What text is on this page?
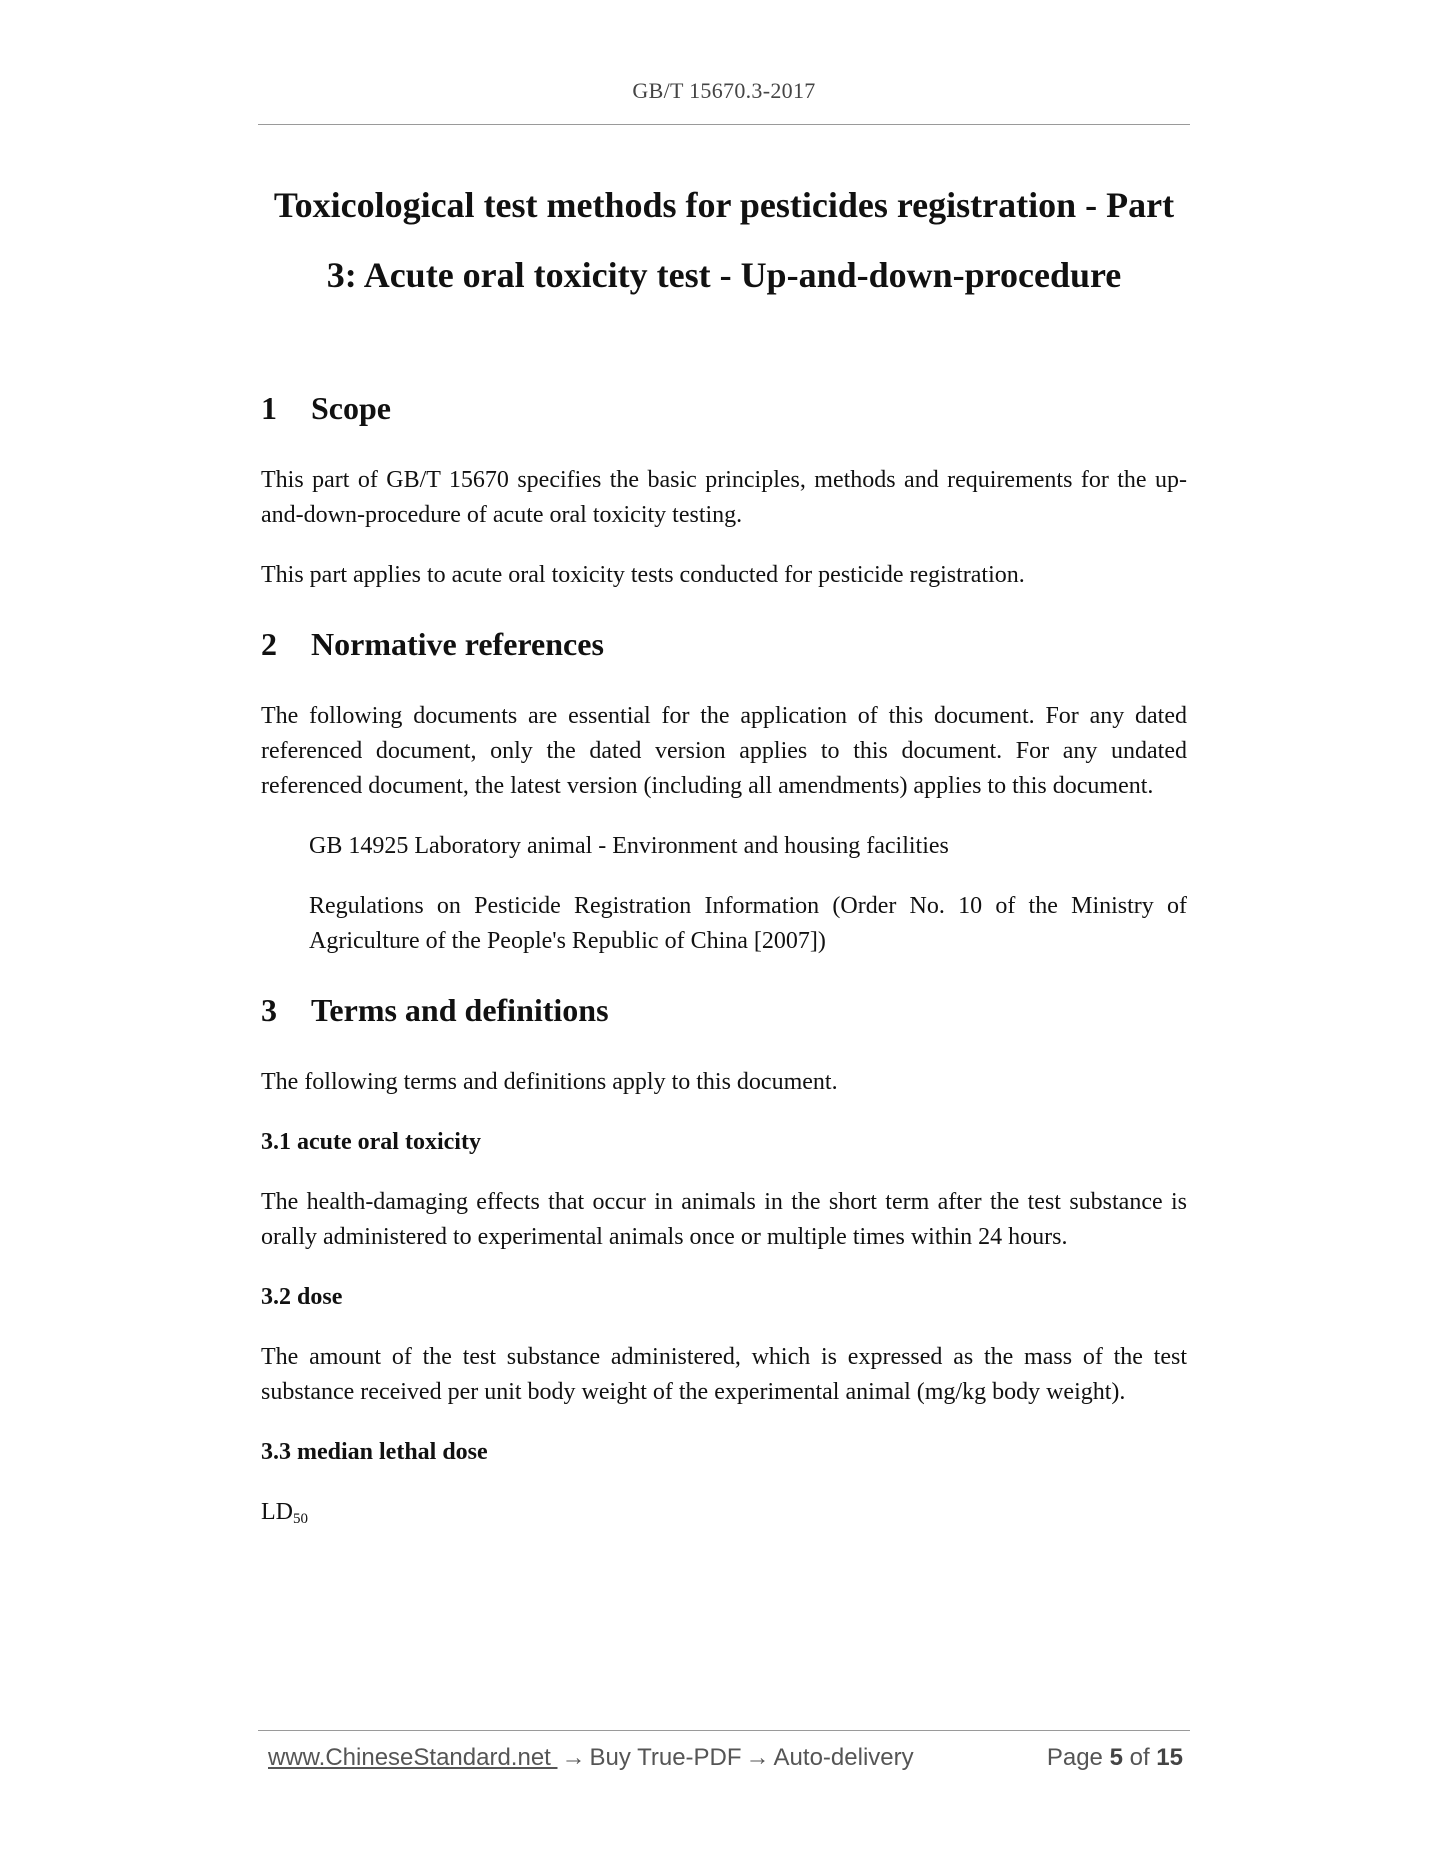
GB/T 15670.3-2017
Toxicological test methods for pesticides registration - Part
3: Acute oral toxicity test - Up-and-down-procedure
1	Scope

This part of GB/T 15670 specifies the basic principles, methods and requirements for the up-and-down-procedure of acute oral toxicity testing.

This part applies to acute oral toxicity tests conducted for pesticide registration.

2	Normative references

The following documents are essential for the application of this document. For any dated referenced document, only the dated version applies to this document. For any undated referenced document, the latest version (including all amendments) applies to this document.

GB 14925 Laboratory animal - Environment and housing facilities

Regulations on Pesticide Registration Information (Order No. 10 of the Ministry of Agriculture of the People's Republic of China [2007])

3	Terms and definitions

The following terms and definitions apply to this document.

3.1 acute oral toxicity

The health-damaging effects that occur in animals in the short term after the test substance is orally administered to experimental animals once or multiple times within 24 hours.

3.2 dose

The amount of the test substance administered, which is expressed as the mass of the test substance received per unit body weight of the experimental animal (mg/kg body weight).

3.3 median lethal dose

$LD_{50}$

www.ChineseStandard.net → Buy True-PDF → Auto-delivery	Page 5 of 15
